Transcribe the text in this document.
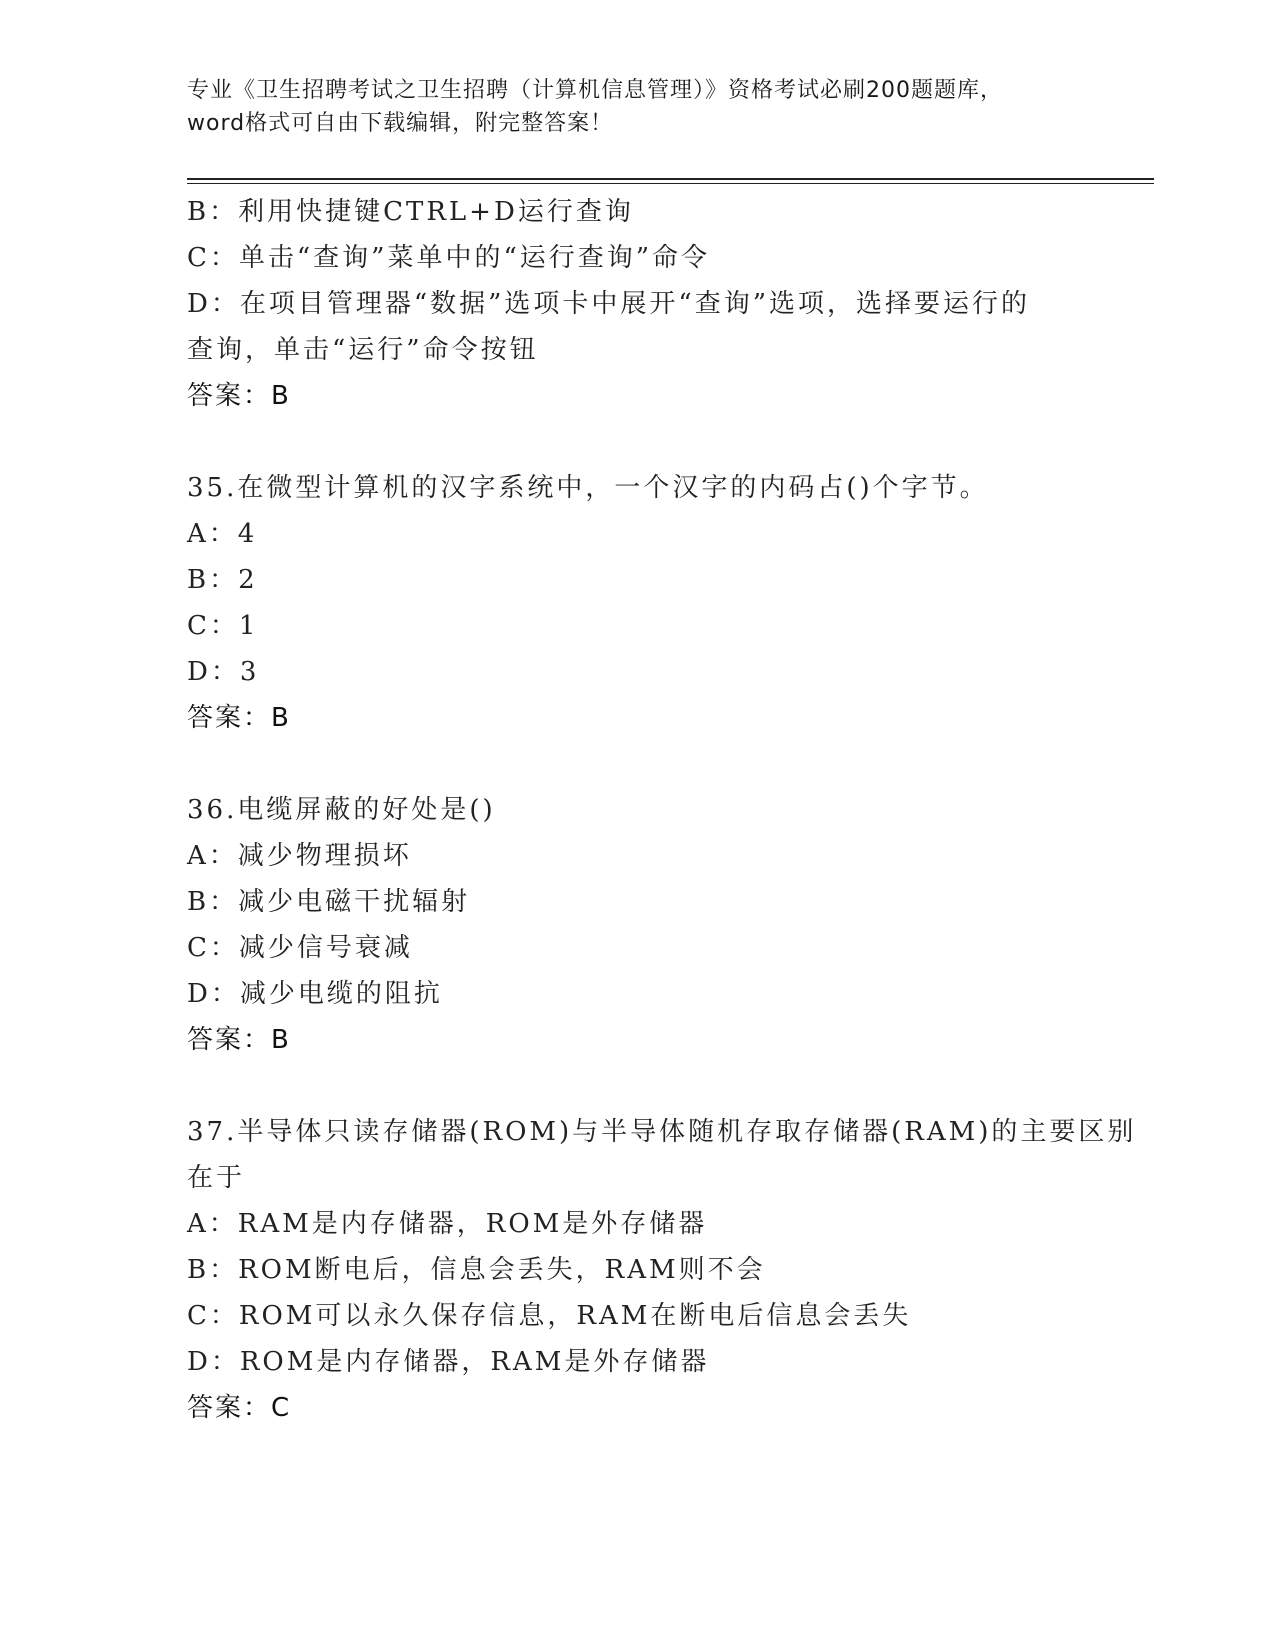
专业《卫生招聘考试之卫生招聘（计算机信息管理）》资格考试必刷200题题库，
word格式可自由下载编辑，附完整答案！
B：利用快捷键CTRL+D运行查询
C：单击“查询”菜单中的“运行查询”命令
D：在项目管理器“数据”选项卡中展开“查询”选项，选择要运行的
查询，单击“运行”命令按钮
答案：B
35.在微型计算机的汉字系统中，一个汉字的内码占()个字节。
A：4
B：2
C：1
D：3
答案：B
36.电缆屏蔽的好处是()
A：减少物理损坏
B：减少电磁干扰辐射
C：减少信号衰减
D：减少电缆的阻抗
答案：B
37.半导体只读存储器(ROM)与半导体随机存取存储器(RAM)的主要区别
在于
A：RAM是内存储器，ROM是外存储器
B：ROM断电后，信息会丢失，RAM则不会
C：ROM可以永久保存信息，RAM在断电后信息会丢失
D：ROM是内存储器，RAM是外存储器
答案：C
